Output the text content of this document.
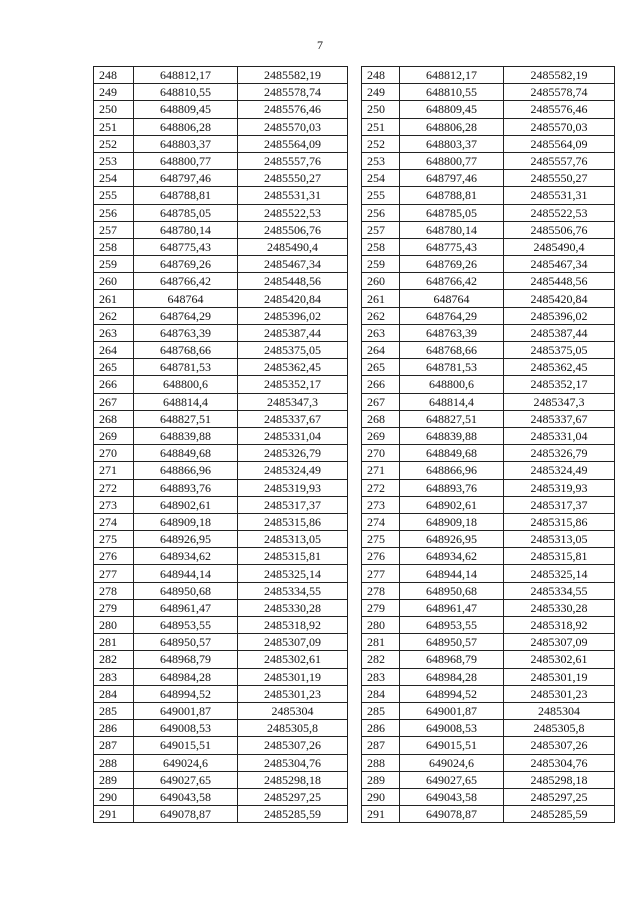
7
248	648812,17	2485582,19
249	648810,55	2485578,74
250	648809,45	2485576,46
251	648806,28	2485570,03
252	648803,37	2485564,09
253	648800,77	2485557,76
254	648797,46	2485550,27
255	648788,81	2485531,31
256	648785,05	2485522,53
257	648780,14	2485506,76
258	648775,43	2485490,4
259	648769,26	2485467,34
260	648766,42	2485448,56
261	648764	2485420,84
262	648764,29	2485396,02
263	648763,39	2485387,44
264	648768,66	2485375,05
265	648781,53	2485362,45
266	648800,6	2485352,17
267	648814,4	2485347,3
268	648827,51	2485337,67
269	648839,88	2485331,04
270	648849,68	2485326,79
271	648866,96	2485324,49
272	648893,76	2485319,93
273	648902,61	2485317,37
274	648909,18	2485315,86
275	648926,95	2485313,05
276	648934,62	2485315,81
277	648944,14	2485325,14
278	648950,68	2485334,55
279	648961,47	2485330,28
280	648953,55	2485318,92
281	648950,57	2485307,09
282	648968,79	2485302,61
283	648984,28	2485301,19
284	648994,52	2485301,23
285	649001,87	2485304
286	649008,53	2485305,8
287	649015,51	2485307,26
288	649024,6	2485304,76
289	649027,65	2485298,18
290	649043,58	2485297,25
291	649078,87	2485285,59
248	648812,17	2485582,19
249	648810,55	2485578,74
250	648809,45	2485576,46
251	648806,28	2485570,03
252	648803,37	2485564,09
253	648800,77	2485557,76
254	648797,46	2485550,27
255	648788,81	2485531,31
256	648785,05	2485522,53
257	648780,14	2485506,76
258	648775,43	2485490,4
259	648769,26	2485467,34
260	648766,42	2485448,56
261	648764	2485420,84
262	648764,29	2485396,02
263	648763,39	2485387,44
264	648768,66	2485375,05
265	648781,53	2485362,45
266	648800,6	2485352,17
267	648814,4	2485347,3
268	648827,51	2485337,67
269	648839,88	2485331,04
270	648849,68	2485326,79
271	648866,96	2485324,49
272	648893,76	2485319,93
273	648902,61	2485317,37
274	648909,18	2485315,86
275	648926,95	2485313,05
276	648934,62	2485315,81
277	648944,14	2485325,14
278	648950,68	2485334,55
279	648961,47	2485330,28
280	648953,55	2485318,92
281	648950,57	2485307,09
282	648968,79	2485302,61
283	648984,28	2485301,19
284	648994,52	2485301,23
285	649001,87	2485304
286	649008,53	2485305,8
287	649015,51	2485307,26
288	649024,6	2485304,76
289	649027,65	2485298,18
290	649043,58	2485297,25
291	649078,87	2485285,59
